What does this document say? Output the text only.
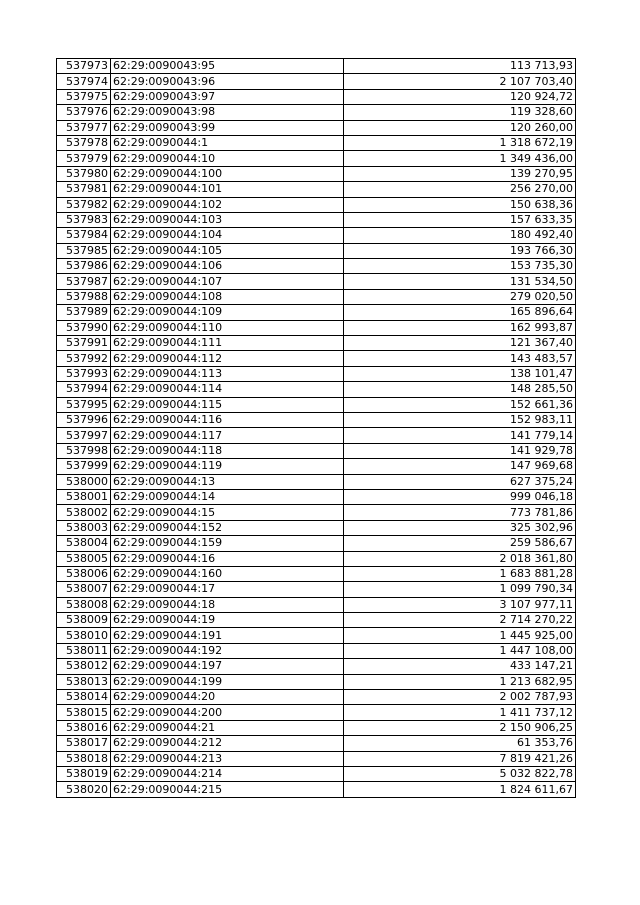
537973	62:29:0090043:95	113 713,93
537974	62:29:0090043:96	2 107 703,40
537975	62:29:0090043:97	120 924,72
537976	62:29:0090043:98	119 328,60
537977	62:29:0090043:99	120 260,00
537978	62:29:0090044:1	1 318 672,19
537979	62:29:0090044:10	1 349 436,00
537980	62:29:0090044:100	139 270,95
537981	62:29:0090044:101	256 270,00
537982	62:29:0090044:102	150 638,36
537983	62:29:0090044:103	157 633,35
537984	62:29:0090044:104	180 492,40
537985	62:29:0090044:105	193 766,30
537986	62:29:0090044:106	153 735,30
537987	62:29:0090044:107	131 534,50
537988	62:29:0090044:108	279 020,50
537989	62:29:0090044:109	165 896,64
537990	62:29:0090044:110	162 993,87
537991	62:29:0090044:111	121 367,40
537992	62:29:0090044:112	143 483,57
537993	62:29:0090044:113	138 101,47
537994	62:29:0090044:114	148 285,50
537995	62:29:0090044:115	152 661,36
537996	62:29:0090044:116	152 983,11
537997	62:29:0090044:117	141 779,14
537998	62:29:0090044:118	141 929,78
537999	62:29:0090044:119	147 969,68
538000	62:29:0090044:13	627 375,24
538001	62:29:0090044:14	999 046,18
538002	62:29:0090044:15	773 781,86
538003	62:29:0090044:152	325 302,96
538004	62:29:0090044:159	259 586,67
538005	62:29:0090044:16	2 018 361,80
538006	62:29:0090044:160	1 683 881,28
538007	62:29:0090044:17	1 099 790,34
538008	62:29:0090044:18	3 107 977,11
538009	62:29:0090044:19	2 714 270,22
538010	62:29:0090044:191	1 445 925,00
538011	62:29:0090044:192	1 447 108,00
538012	62:29:0090044:197	433 147,21
538013	62:29:0090044:199	1 213 682,95
538014	62:29:0090044:20	2 002 787,93
538015	62:29:0090044:200	1 411 737,12
538016	62:29:0090044:21	2 150 906,25
538017	62:29:0090044:212	61 353,76
538018	62:29:0090044:213	7 819 421,26
538019	62:29:0090044:214	5 032 822,78
538020	62:29:0090044:215	1 824 611,67
